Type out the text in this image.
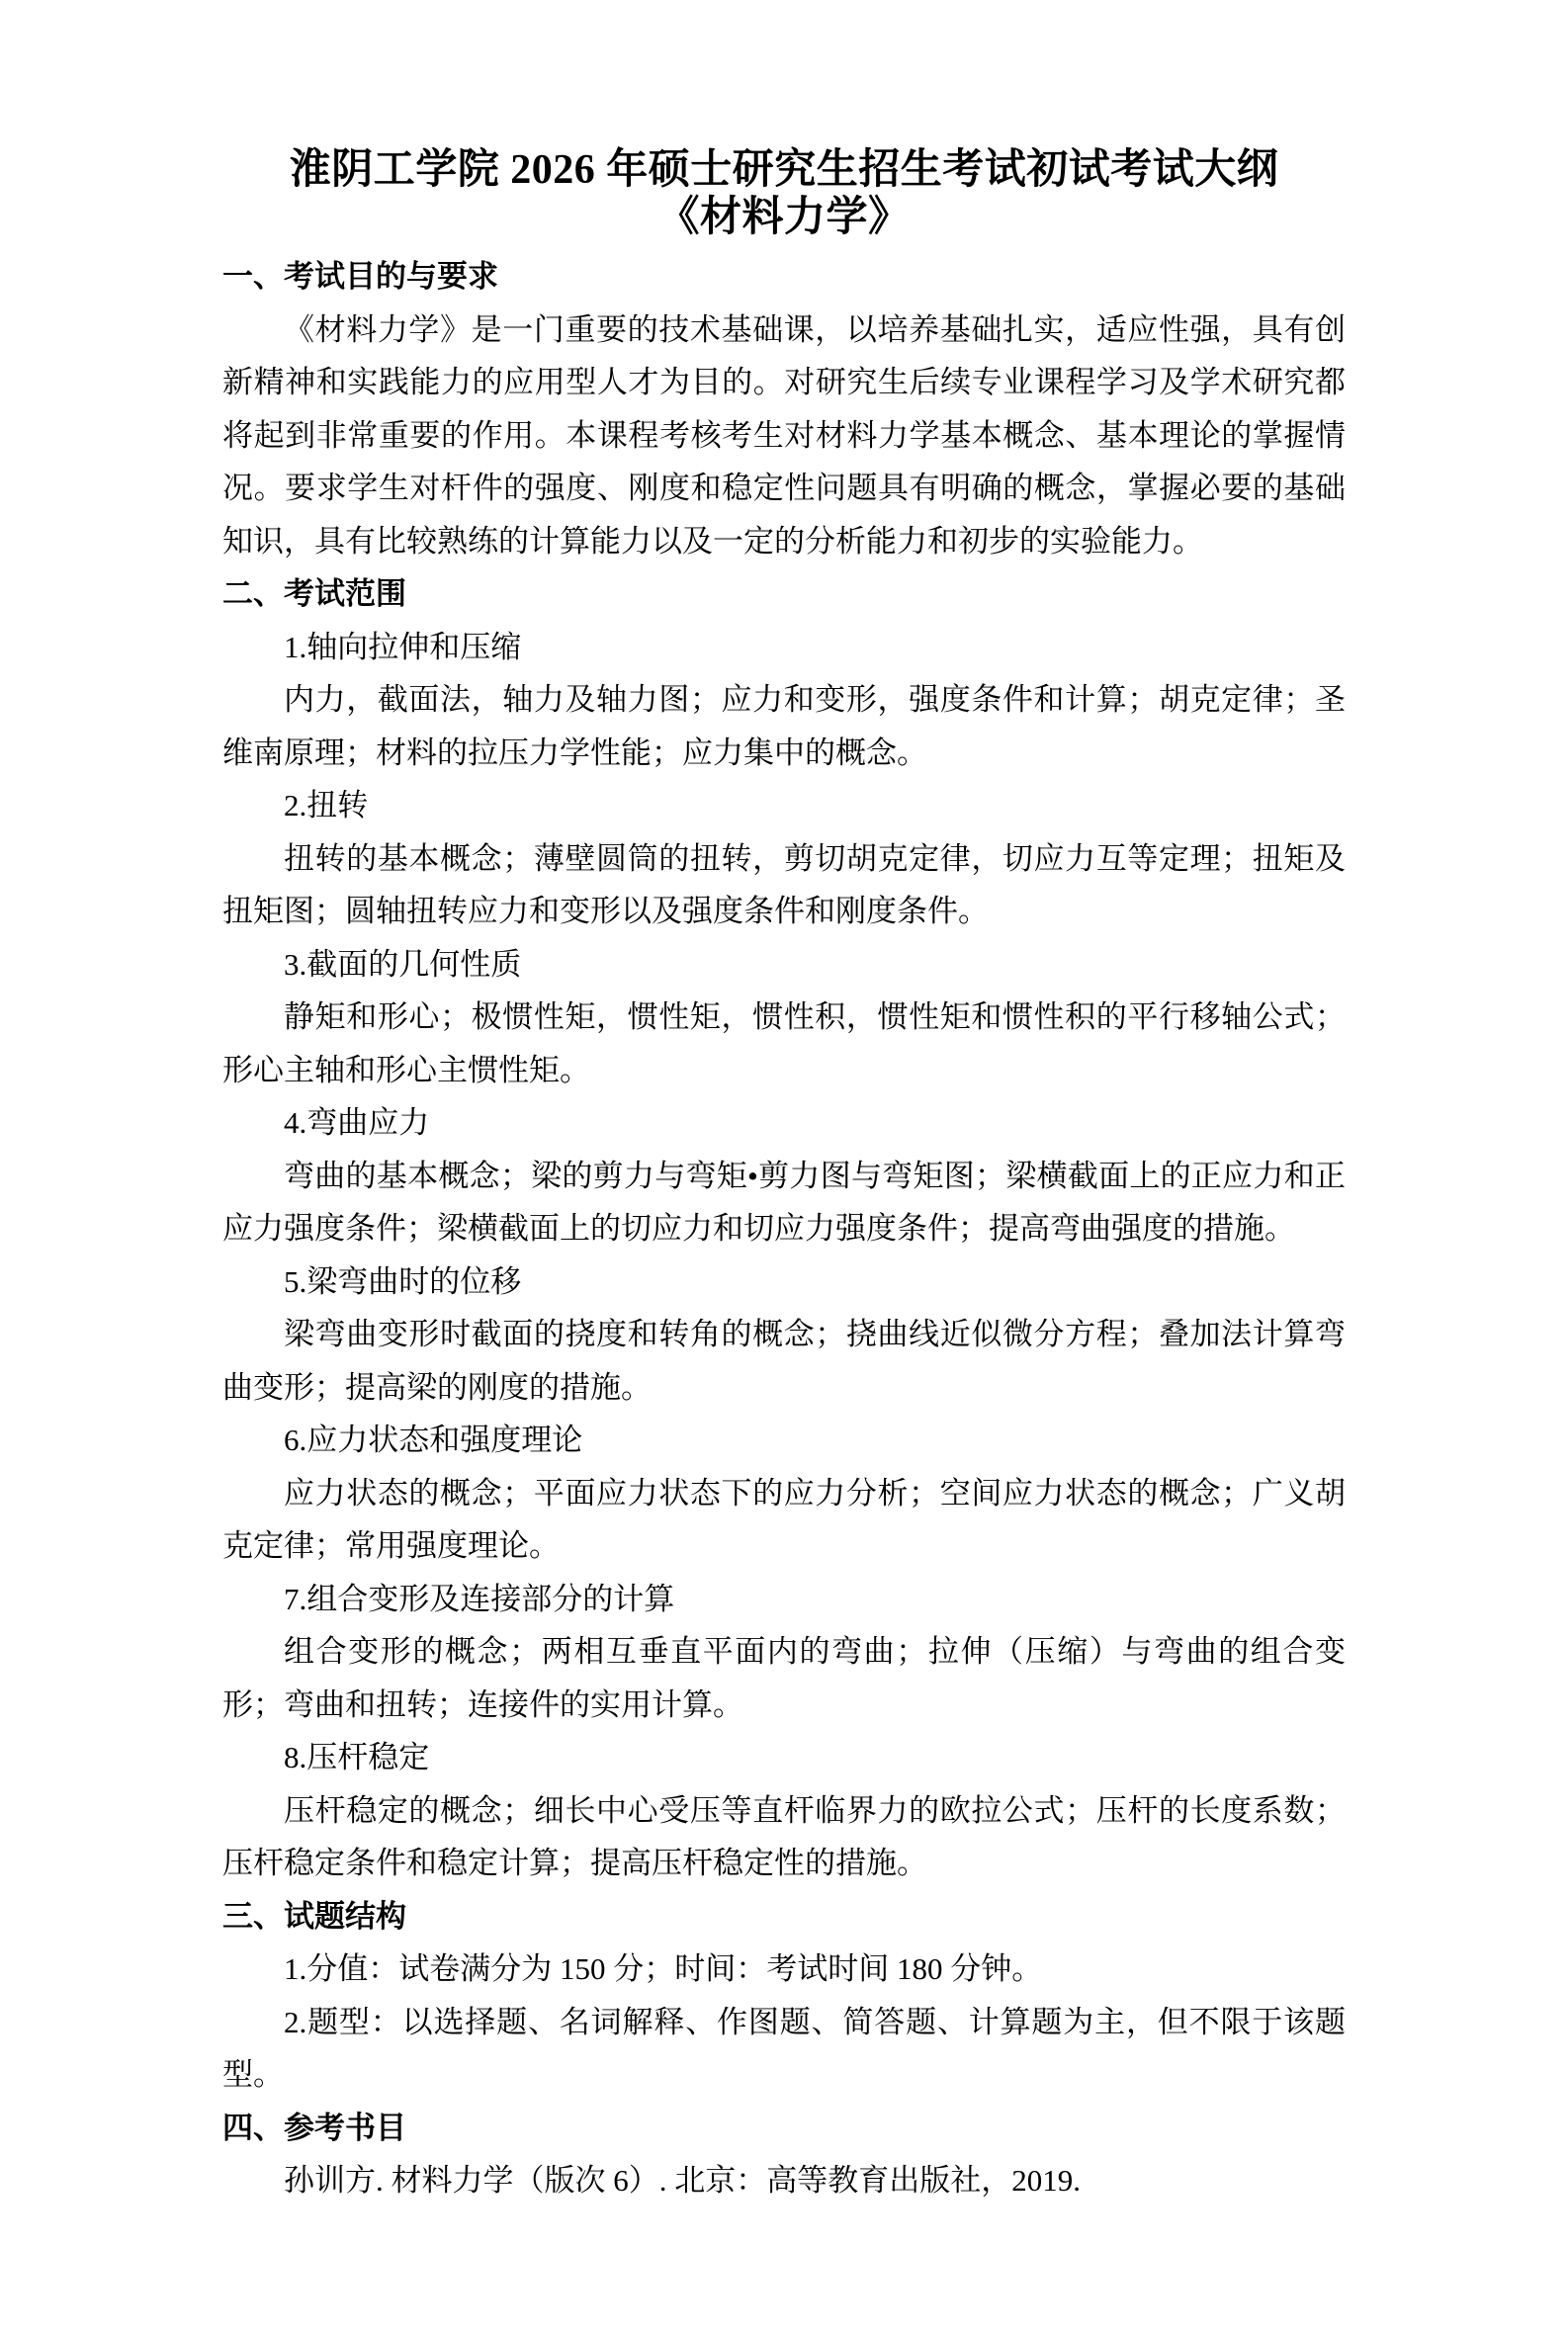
淮阴工学院 2026 年硕士研究生招生考试初试考试大纲
《材料力学》
一、考试目的与要求

《材料力学》是一门重要的技术基础课，以培养基础扎实，适应性强，具有创新精神和实践能力的应用型人才为目的。对研究生后续专业课程学习及学术研究都将起到非常重要的作用。本课程考核考生对材料力学基本概念、基本理论的掌握情况。要求学生对杆件的强度、刚度和稳定性问题具有明确的概念，掌握必要的基础知识，具有比较熟练的计算能力以及一定的分析能力和初步的实验能力。

二、考试范围

1.轴向拉伸和压缩

内力，截面法，轴力及轴力图；应力和变形，强度条件和计算；胡克定律；圣维南原理；材料的拉压力学性能；应力集中的概念。

2.扭转

扭转的基本概念；薄壁圆筒的扭转，剪切胡克定律，切应力互等定理；扭矩及扭矩图；圆轴扭转应力和变形以及强度条件和刚度条件。

3.截面的几何性质

静矩和形心；极惯性矩，惯性矩，惯性积，惯性矩和惯性积的平行移轴公式；形心主轴和形心主惯性矩。

4.弯曲应力

弯曲的基本概念；梁的剪力与弯矩•剪力图与弯矩图；梁横截面上的正应力和正应力强度条件；梁横截面上的切应力和切应力强度条件；提高弯曲强度的措施。

5.梁弯曲时的位移

梁弯曲变形时截面的挠度和转角的概念；挠曲线近似微分方程；叠加法计算弯曲变形；提高梁的刚度的措施。

6.应力状态和强度理论

应力状态的概念；平面应力状态下的应力分析；空间应力状态的概念；广义胡克定律；常用强度理论。

7.组合变形及连接部分的计算

组合变形的概念；两相互垂直平面内的弯曲；拉伸（压缩）与弯曲的组合变形；弯曲和扭转；连接件的实用计算。

8.压杆稳定

压杆稳定的概念；细长中心受压等直杆临界力的欧拉公式；压杆的长度系数；压杆稳定条件和稳定计算；提高压杆稳定性的措施。

三、试题结构

1.分值：试卷满分为 150 分；时间：考试时间 180 分钟。

2.题型：以选择题、名词解释、作图题、简答题、计算题为主，但不限于该题型。

四、参考书目

孙训方. 材料力学（版次 6）. 北京：高等教育出版社，2019.
